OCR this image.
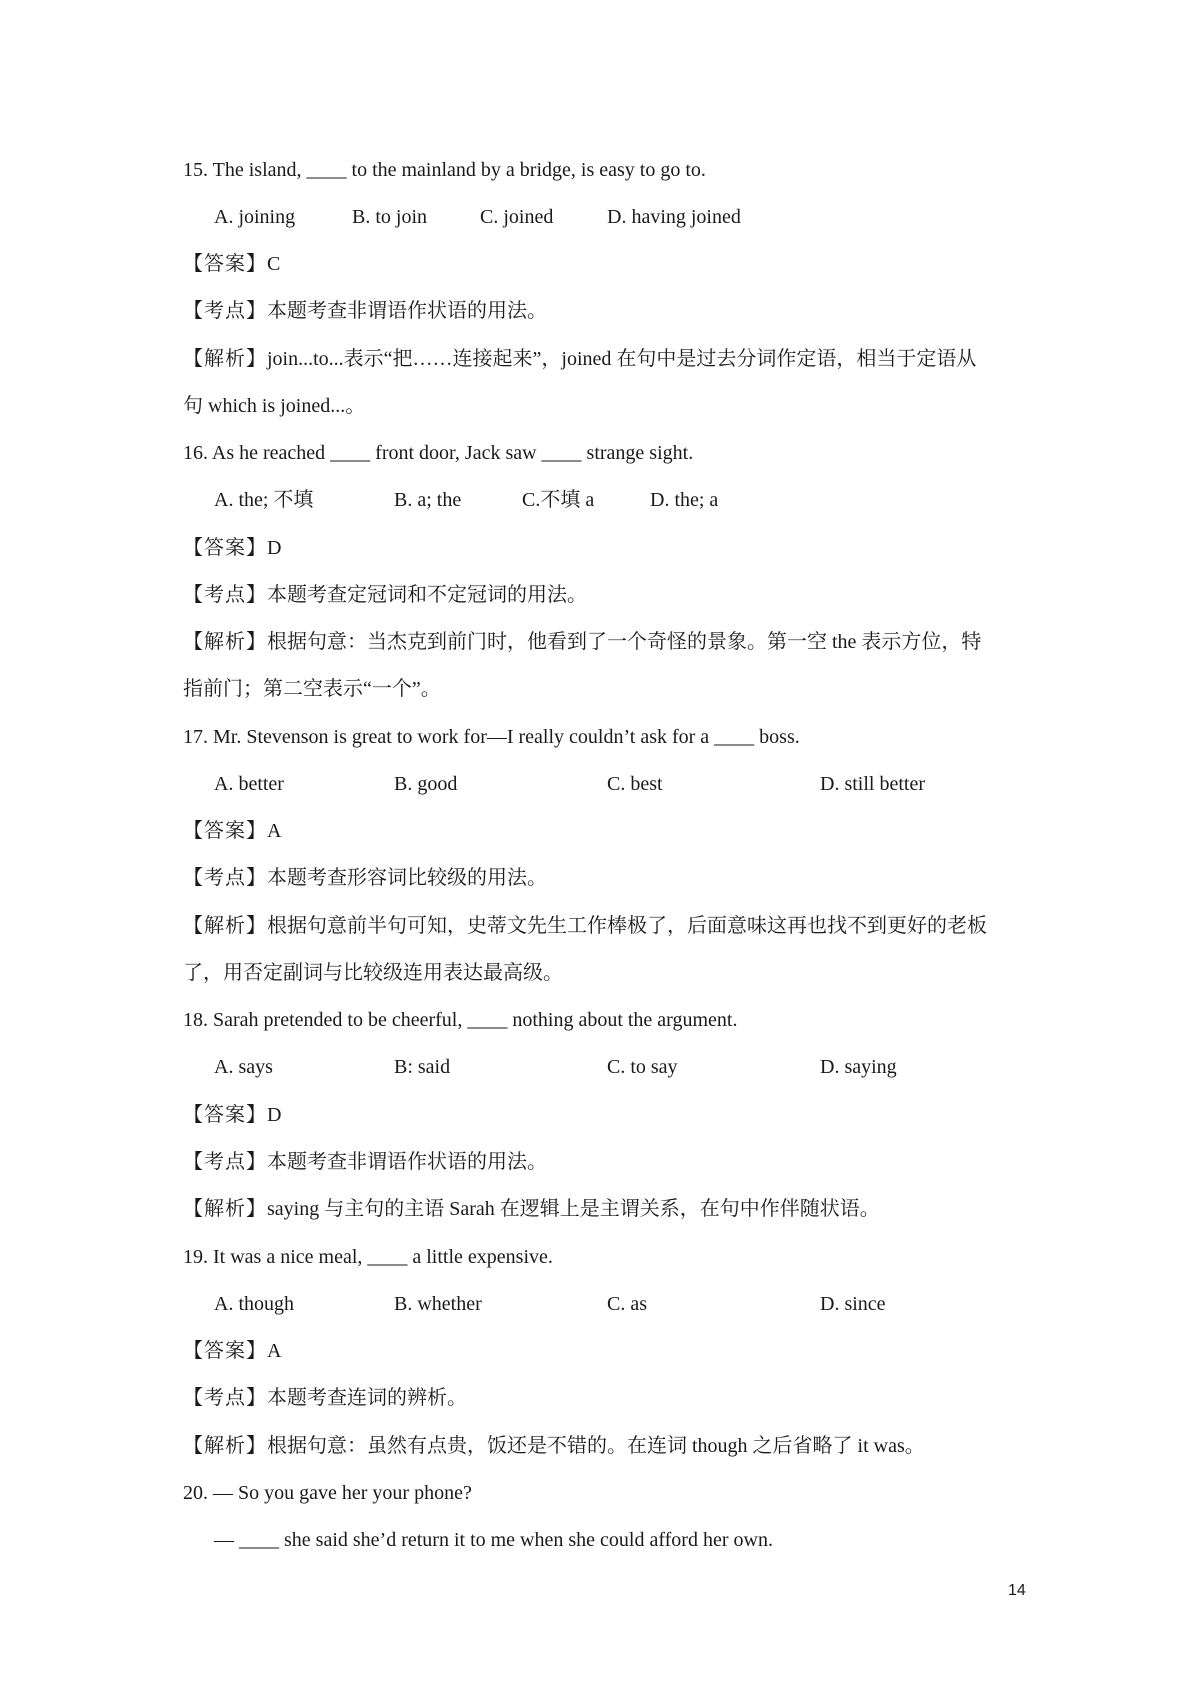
15. The island, ____ to the mainland by a bridge, is easy to go to.
A. joining	B. to join	C. joined	D. having joined
【答案】C
【考点】本题考查非谓语作状语的用法。
【解析】join...to...表示“把……连接起来”，joined 在句中是过去分词作定语，相当于定语从
句 which is joined...。
16. As he reached ____ front door, Jack saw ____ strange sight.
A. the; 不填	B. a; the	C.不填 a	D. the; a
【答案】D
【考点】本题考查定冠词和不定冠词的用法。
【解析】根据句意：当杰克到前门时，他看到了一个奇怪的景象。第一空 the 表示方位，特
指前门；第二空表示“一个”。
17. Mr. Stevenson is great to work for—I really couldn’t ask for a ____ boss.
A. better	B. good	C. best	D. still better
【答案】A
【考点】本题考查形容词比较级的用法。
【解析】根据句意前半句可知，史蒂文先生工作棒极了，后面意味这再也找不到更好的老板
了，用否定副词与比较级连用表达最高级。
18. Sarah pretended to be cheerful, ____ nothing about the argument.
A. says	B: said	C. to say	D. saying
【答案】D
【考点】本题考查非谓语作状语的用法。
【解析】saying 与主句的主语 Sarah 在逻辑上是主谓关系，在句中作伴随状语。
19. It was a nice meal, ____ a little expensive.
A. though	B. whether	C. as	D. since
【答案】A
【考点】本题考查连词的辨析。
【解析】根据句意：虽然有点贵，饭还是不错的。在连词 though 之后省略了 it was。
20. — So you gave her your phone?
— ____ she said she’d return it to me when she could afford her own.
14
